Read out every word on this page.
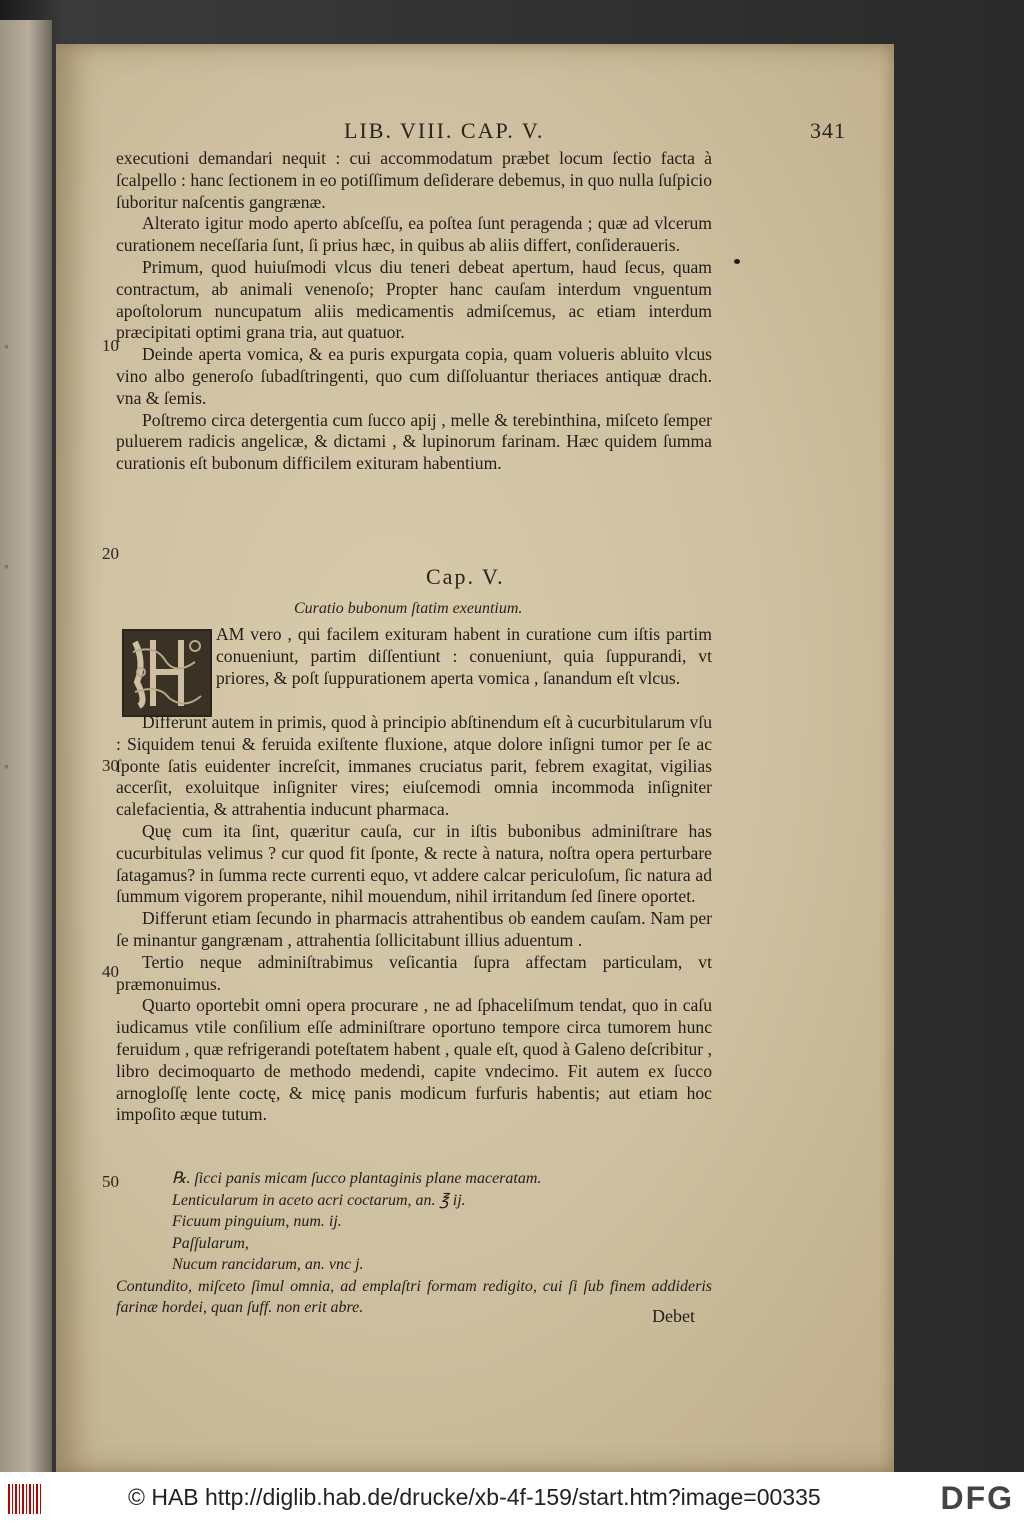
◦
◦
◦
LIB. VIII. CAP. V.	341

executioni demandari nequit : cui accommodatum præbet locum ſectio facta à ſcalpello : hanc ſectionem in eo potiſſimum deſiderare debemus, in quo nulla ſuſpicio ſuboritur naſcentis gangrænæ.

Alterato igitur modo aperto abſceſſu, ea poſtea ſunt peragenda ; quæ ad vlcerum curationem neceſſaria ſunt, ſi prius hæc, in quibus ab aliis differt, conſideraueris.

Primum, quod huiuſmodi vlcus diu teneri debeat apertum, haud ſecus, quam contractum, ab animali venenoſo; Propter hanc cauſam interdum vnguentum apoſtolorum nuncupatum aliis medicamentis admiſcemus, ac etiam interdum præcipitati optimi grana tria, aut quatuor.

Deinde aperta vomica, & ea puris expurgata copia, quam volueris abluito vlcus vino albo generoſo ſubadſtringenti, quo cum diſſoluantur theriaces antiquæ drach. vna & ſemis.

Poſtremo circa detergentia cum ſucco apij , melle & terebinthina, miſceto ſemper puluerem radicis angelicæ, & dictami , & lupinorum farinam. Hæc quidem ſumma curationis eſt bubonum difficilem exituram habentium.

10
20
30
40
50
Cap. V.
Curatio bubonum ſtatim exeuntium.

AM vero , qui facilem exituram habent in curatione cum iſtis partim conueniunt, partim diſſentiunt : conueniunt, quia ſuppurandi, vt priores, & poſt ſuppurationem aperta vomica , ſanandum eſt vlcus.

Differunt autem in primis, quod à principio abſtinendum eſt à cucurbitularum vſu : Siquidem tenui & feruida exiſtente fluxione, atque dolore inſigni tumor per ſe ac ſponte ſatis euidenter increſcit, immanes cruciatus parit, febrem exagitat, vigilias accerſit, exoluitque inſigniter vires; eiuſcemodi omnia incommoda inſigniter calefacientia, & attrahentia inducunt pharmaca.

Quę cum ita ſint, quæritur cauſa, cur in iſtis bubonibus adminiſtrare has cucurbitulas velimus ? cur quod fit ſponte, & recte à natura, noſtra opera perturbare ſatagamus? in ſumma recte currenti equo, vt addere calcar periculoſum, ſic natura ad ſummum vigorem properante, nihil mouendum, nihil irritandum ſed ſinere oportet.

Differunt etiam ſecundo in pharmacis attrahentibus ob eandem cauſam. Nam per ſe minantur gangrænam , attrahentia ſollicitabunt illius aduentum .

Tertio neque adminiſtrabimus veſicantia ſupra affectam particulam, vt præmonuimus.

Quarto oportebit omni opera procurare , ne ad ſphaceliſmum tendat, quo in caſu iudicamus vtile conſilium eſſe adminiſtrare oportuno tempore circa tumorem hunc feruidum , quæ refrigerandi poteſtatem habent , quale eſt, quod à Galeno deſcribitur , libro decimoquarto de methodo medendi, capite vndecimo. Fit autem ex ſucco arnogloſſę lente coctę, & micę panis modicum furfuris habentis; aut etiam hoc impoſito æque tutum.

℞. ſicci panis micam ſucco plantaginis plane maceratam.

Lenticularum in aceto acri coctarum, an. ℥ ij.

Ficuum pinguium, num. ij.

Paſſularum,

Nucum rancidarum, an. vnc j.

Contundito, miſceto ſimul omnia, ad emplaſtri formam redigito, cui ſi ſub finem addideris farinæ hordei, quan ſuff. non erit abre.	Debet
© HAB http://diglib.hab.de/drucke/xb-4f-159/start.htm?image=00335	DFG
